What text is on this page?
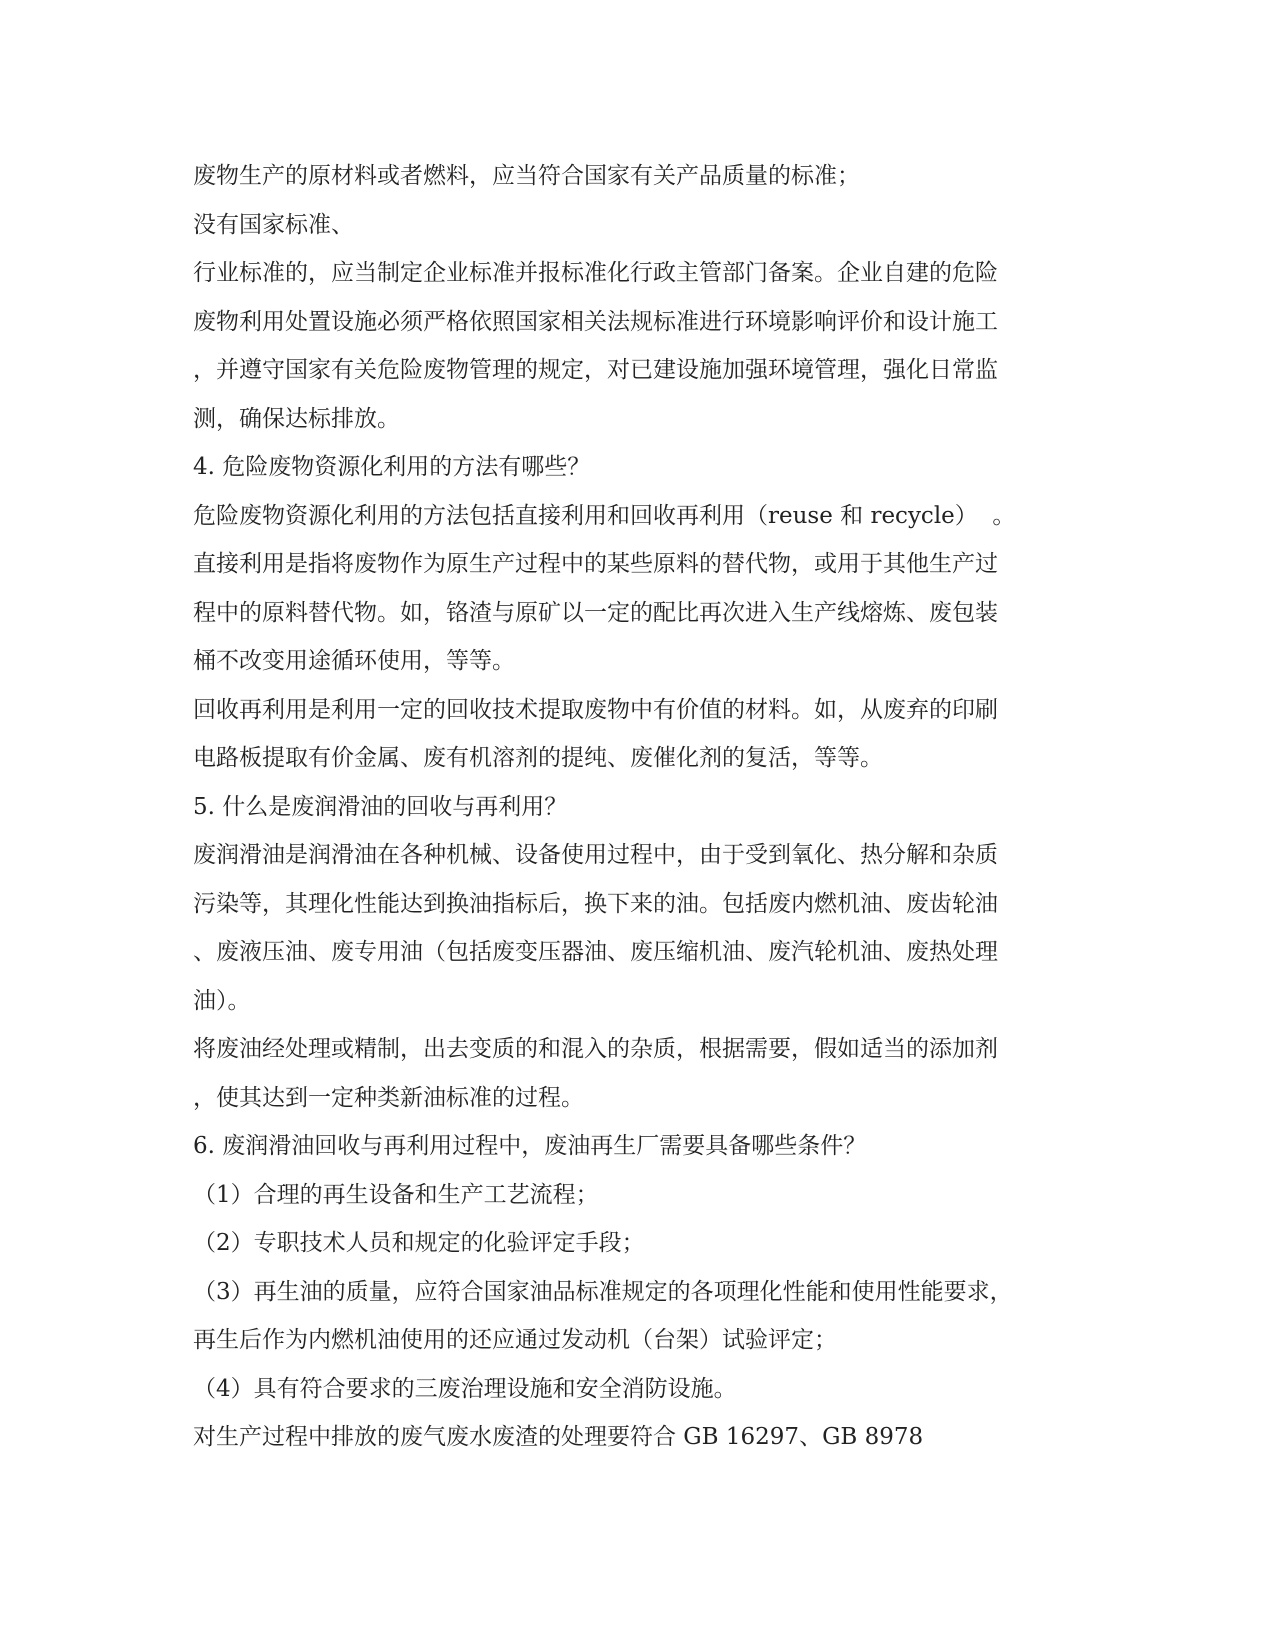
废物生产的原材料或者燃料，应当符合国家有关产品质量的标准；
没有国家标准、
行业标准的，应当制定企业标准并报标准化行政主管部门备案。企业自建的危险
废物利用处置设施必须严格依照国家相关法规标准进行环境影响评价和设计施工
，并遵守国家有关危险废物管理的规定，对已建设施加强环境管理，强化日常监
测，确保达标排放。
4. 危险废物资源化利用的方法有哪些？
危险废物资源化利用的方法包括直接利用和回收再利用（reuse 和 recycle）  。
直接利用是指将废物作为原生产过程中的某些原料的替代物，或用于其他生产过
程中的原料替代物。如，铬渣与原矿以一定的配比再次进入生产线熔炼、废包装
桶不改变用途循环使用，等等。
回收再利用是利用一定的回收技术提取废物中有价值的材料。如，从废弃的印刷
电路板提取有价金属、废有机溶剂的提纯、废催化剂的复活，等等。
5. 什么是废润滑油的回收与再利用？
废润滑油是润滑油在各种机械、设备使用过程中，由于受到氧化、热分解和杂质
污染等，其理化性能达到换油指标后，换下来的油。包括废内燃机油、废齿轮油
、废液压油、废专用油（包括废变压器油、废压缩机油、废汽轮机油、废热处理
油）。
将废油经处理或精制，出去变质的和混入的杂质，根据需要，假如适当的添加剂
，使其达到一定种类新油标准的过程。
6. 废润滑油回收与再利用过程中，废油再生厂需要具备哪些条件？
（1）合理的再生设备和生产工艺流程；
（2）专职技术人员和规定的化验评定手段；
（3）再生油的质量，应符合国家油品标准规定的各项理化性能和使用性能要求，
再生后作为内燃机油使用的还应通过发动机（台架）试验评定；
（4）具有符合要求的三废治理设施和安全消防设施。
对生产过程中排放的废气废水废渣的处理要符合 GB 16297、GB 8978
